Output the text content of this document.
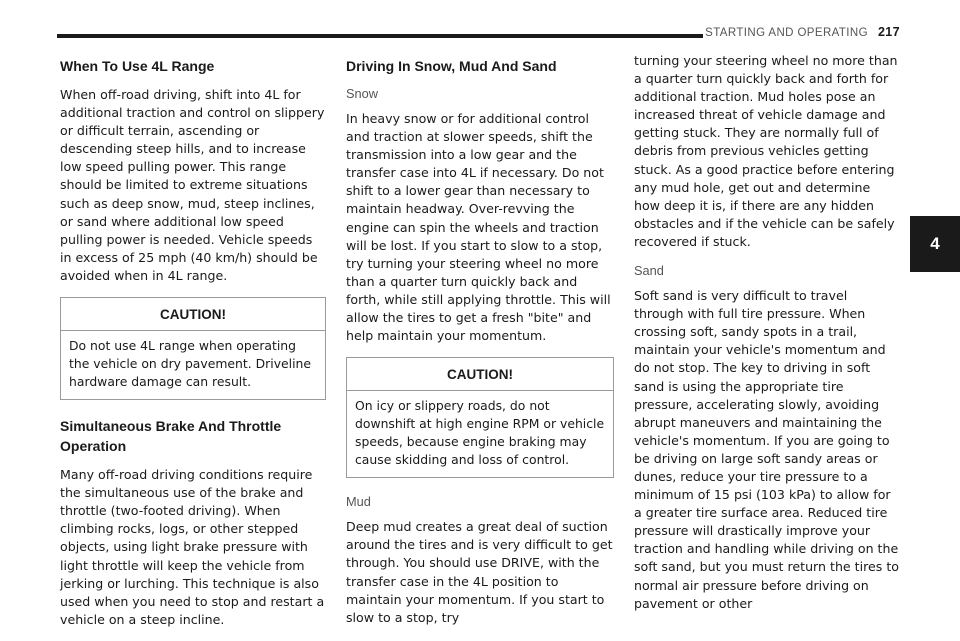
STARTING AND OPERATING 217
4
When To Use 4L Range

When off-road driving, shift into 4L for additional traction and control on slippery or difficult terrain, ascending or descending steep hills, and to increase low speed pulling power. This range should be limited to extreme situations such as deep snow, mud, steep inclines, or sand where additional low speed pulling power is needed. Vehicle speeds in excess of 25 mph (40 km/h) should be avoided when in 4L range.

CAUTION!

Do not use 4L range when operating the vehicle on dry pavement. Driveline hardware damage can result.

Simultaneous Brake And Throttle Operation

Many off-road driving conditions require the simultaneous use of the brake and throttle (two-footed driving). When climbing rocks, logs, or other stepped objects, using light brake pressure with light throttle will keep the vehicle from jerking or lurching. This technique is also used when you need to stop and restart a vehicle on a steep incline.

Driving In Snow, Mud And Sand
Snow

In heavy snow or for additional control and traction at slower speeds, shift the transmission into a low gear and the transfer case into 4L if necessary. Do not shift to a lower gear than necessary to maintain headway. Over-revving the engine can spin the wheels and traction will be lost. If you start to slow to a stop, try turning your steering wheel no more than a quarter turn quickly back and forth, while still applying throttle. This will allow the tires to get a fresh "bite" and help maintain your momentum.

CAUTION!

On icy or slippery roads, do not downshift at high engine RPM or vehicle speeds, because engine braking may cause skidding and loss of control.

Mud

Deep mud creates a great deal of suction around the tires and is very difficult to get through. You should use DRIVE, with the transfer case in the 4L position to maintain your momentum. If you start to slow to a stop, try

turning your steering wheel no more than a quarter turn quickly back and forth for additional traction. Mud holes pose an increased threat of vehicle damage and getting stuck. They are normally full of debris from previous vehicles getting stuck. As a good practice before entering any mud hole, get out and determine how deep it is, if there are any hidden obstacles and if the vehicle can be safely recovered if stuck.

Sand

Soft sand is very difficult to travel through with full tire pressure. When crossing soft, sandy spots in a trail, maintain your vehicle's momentum and do not stop. The key to driving in soft sand is using the appropriate tire pressure, accelerating slowly, avoiding abrupt maneuvers and maintaining the vehicle's momentum. If you are going to be driving on large soft sandy areas or dunes, reduce your tire pressure to a minimum of 15 psi (103 kPa) to allow for a greater tire surface area. Reduced tire pressure will drastically improve your traction and handling while driving on the soft sand, but you must return the tires to normal air pressure before driving on pavement or other
